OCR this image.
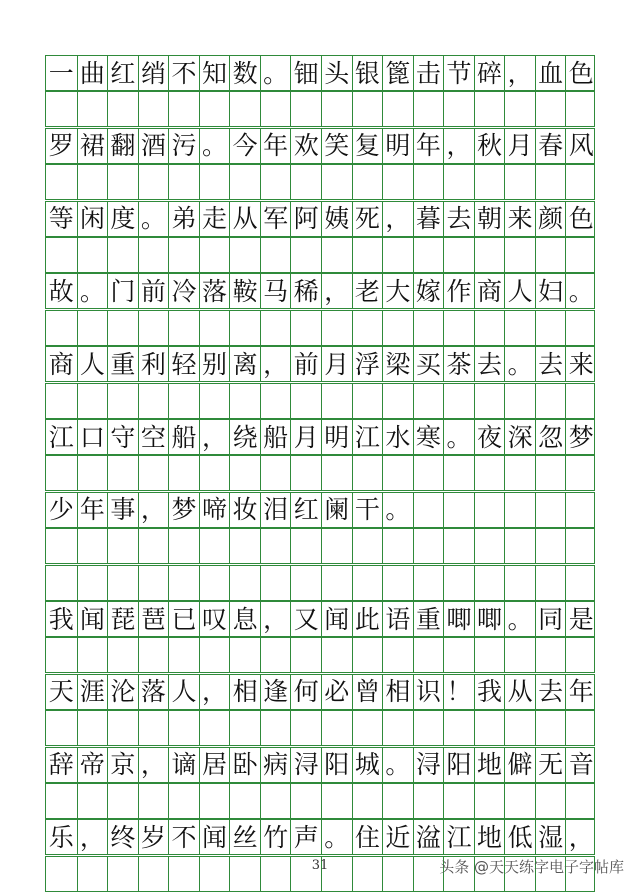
一 曲 红 绡 不 知 数 。 钿 头 银 篦 击 节 碎 ， 血 色
罗 裙 翻 酒 污 。 今 年 欢 笑 复 明 年 ， 秋 月 春 风
等 闲 度 。 弟 走 从 军 阿 姨 死 ， 暮 去 朝 来 颜 色
故 。 门 前 冷 落 鞍 马 稀 ， 老 大 嫁 作 商 人 妇 。
商 人 重 利 轻 别 离 ， 前 月 浮 梁 买 茶 去 。 去 来
江 口 守 空 船 ， 绕 船 月 明 江 水 寒 。 夜 深 忽 梦
少 年 事 ， 梦 啼 妆 泪 红 阑 干 。
我 闻 琵 琶 已 叹 息 ， 又 闻 此 语 重 唧 唧 。 同 是
天 涯 沦 落 人 ， 相 逢 何 必 曾 相 识 ！ 我 从 去 年
辞 帝 京 ， 谪 居 卧 病 浔 阳 城 。 浔 阳 地 僻 无 音
乐 ， 终 岁 不 闻 丝 竹 声 。 住 近 湓 江 地 低 湿 ，
31	头条 @天天练字电子字帖库
